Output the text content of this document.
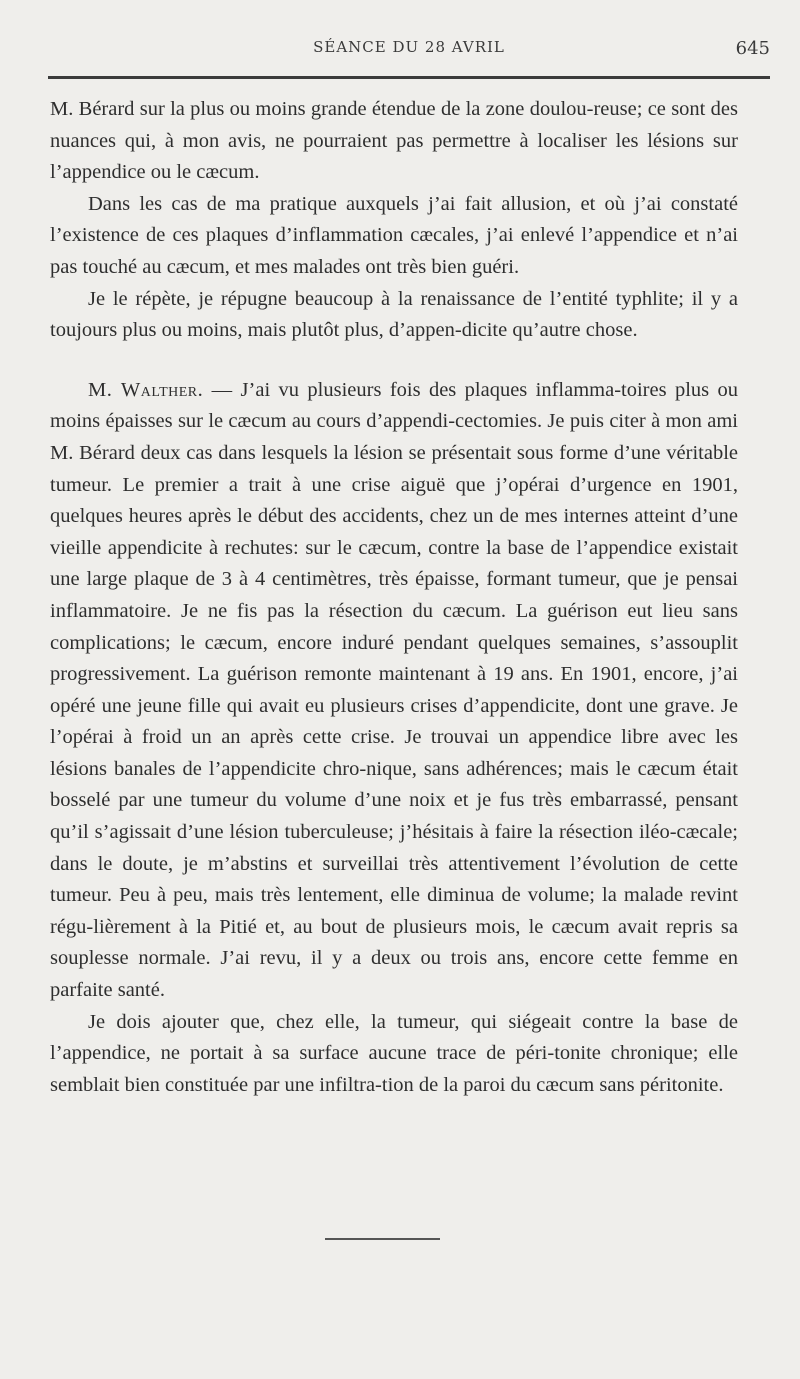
SÉANCE DU 28 AVRIL	645

M. Bérard sur la plus ou moins grande étendue de la zone doulou-reuse; ce sont des nuances qui, à mon avis, ne pourraient pas permettre à localiser les lésions sur l’appendice ou le cæcum.

Dans les cas de ma pratique auxquels j’ai fait allusion, et où j’ai constaté l’existence de ces plaques d’inflammation cæcales, j’ai enlevé l’appendice et n’ai pas touché au cæcum, et mes malades ont très bien guéri.

Je le répète, je répugne beaucoup à la renaissance de l’entité typhlite; il y a toujours plus ou moins, mais plutôt plus, d’appen-dicite qu’autre chose.

M. Walther. — J’ai vu plusieurs fois des plaques inflamma-toires plus ou moins épaisses sur le cæcum au cours d’appendi-cectomies. Je puis citer à mon ami M. Bérard deux cas dans lesquels la lésion se présentait sous forme d’une véritable tumeur. Le premier a trait à une crise aiguë que j’opérai d’urgence en 1901, quelques heures après le début des accidents, chez un de mes internes atteint d’une vieille appendicite à rechutes: sur le cæcum, contre la base de l’appendice existait une large plaque de 3 à 4 centimètres, très épaisse, formant tumeur, que je pensai inflammatoire. Je ne fis pas la résection du cæcum. La guérison eut lieu sans complications; le cæcum, encore induré pendant quelques semaines, s’assouplit progressivement. La guérison remonte maintenant à 19 ans. En 1901, encore, j’ai opéré une jeune fille qui avait eu plusieurs crises d’appendicite, dont une grave. Je l’opérai à froid un an après cette crise. Je trouvai un appendice libre avec les lésions banales de l’appendicite chro-nique, sans adhérences; mais le cæcum était bosselé par une tumeur du volume d’une noix et je fus très embarrassé, pensant qu’il s’agissait d’une lésion tuberculeuse; j’hésitais à faire la résection iléo-cæcale; dans le doute, je m’abstins et surveillai très attentivement l’évolution de cette tumeur. Peu à peu, mais très lentement, elle diminua de volume; la malade revint régu-lièrement à la Pitié et, au bout de plusieurs mois, le cæcum avait repris sa souplesse normale. J’ai revu, il y a deux ou trois ans, encore cette femme en parfaite santé.

Je dois ajouter que, chez elle, la tumeur, qui siégeait contre la base de l’appendice, ne portait à sa surface aucune trace de péri-tonite chronique; elle semblait bien constituée par une infiltra-tion de la paroi du cæcum sans péritonite.
